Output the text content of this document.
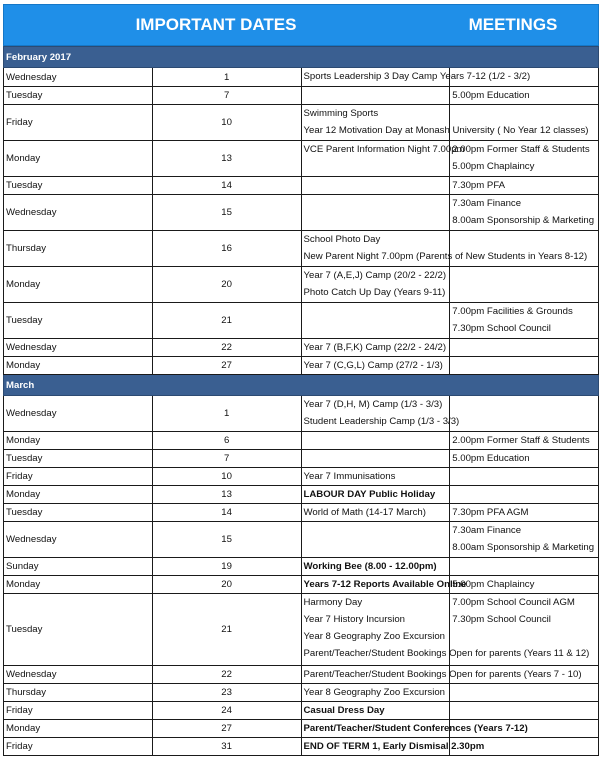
IMPORTANT DATES	MEETINGS
February 2017			
Wednesday	1	Sports Leadership 3 Day Camp Years 7-12 (1/2 - 3/2)	

Tuesday	7		5.00pm Education

Friday	10	Swimming Sports
Year 12 Motivation Day at Monash University ( No Year 12 classes)	

Monday	13	VCE Parent Information Night 7.00pm	2.00pm Former Staff & Students
5.00pm Chaplaincy

Tuesday	14		7.30pm PFA

Wednesday	15		7.30am Finance
8.00am Sponsorship & Marketing

Thursday	16	School Photo Day
New Parent Night 7.00pm (Parents of New Students in Years 8-12)	

Monday	20	Year 7 (A,E,J) Camp (20/2 - 22/2)
Photo Catch Up Day (Years 9-11)	

Tuesday	21		7.00pm Facilities & Grounds
7.30pm School Council

Wednesday	22	Year 7 (B,F,K) Camp (22/2 - 24/2)	

Monday	27	Year 7 (C,G,L) Camp (27/2 - 1/3)	

March			
Wednesday	1	Year 7 (D,H, M) Camp (1/3 - 3/3)
Student Leadership Camp (1/3 - 3/3)	

Monday	6		2.00pm Former Staff & Students

Tuesday	7		5.00pm Education

Friday	10	Year 7 Immunisations	

Monday	13	LABOUR DAY Public Holiday	

Tuesday	14	World of Math (14-17 March)	7.30pm PFA AGM

Wednesday	15		7.30am Finance
8.00am Sponsorship & Marketing

Sunday	19	Working Bee (8.00 - 12.00pm)	

Monday	20	Years 7-12 Reports Available Online	5.00pm Chaplaincy

Tuesday	21	Harmony Day
Year 7 History Incursion
Year 8 Geography Zoo Excursion
Parent/Teacher/Student Bookings Open for parents (Years 11 & 12)	7.00pm School Council AGM
7.30pm School Council

Wednesday	22	Parent/Teacher/Student Bookings Open for parents (Years 7 - 10)	

Thursday	23	Year 8 Geography Zoo Excursion	

Friday	24	Casual Dress Day	

Monday	27	Parent/Teacher/Student Conferences (Years 7-12)	

Friday	31	END OF TERM 1, Early Dismisal 2.30pm	
